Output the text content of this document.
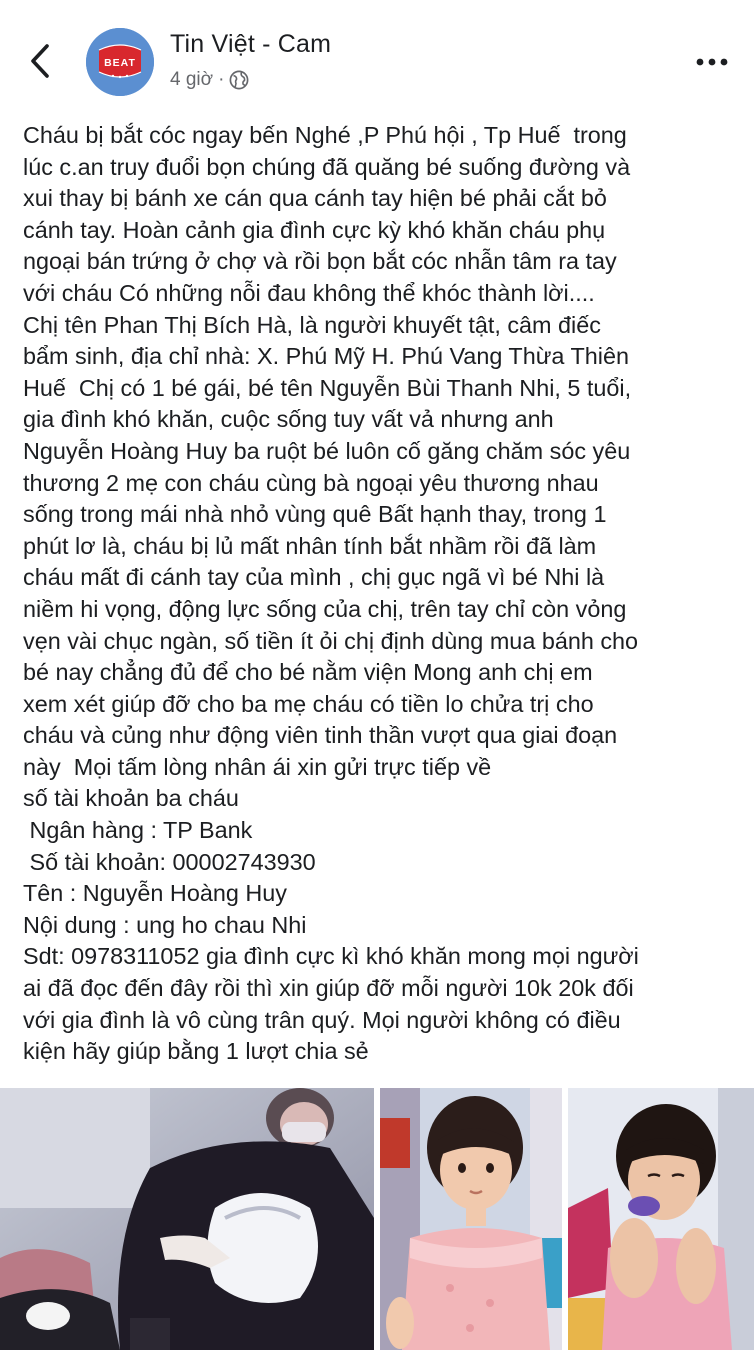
BEAT
Tin Việt - Cam
4 giờ ·
Cháu bị bắt cóc ngay bến Nghé ,P Phú hội , Tp Huế  trong
lúc c.an truy đuổi bọn chúng đã quăng bé suống đường và
xui thay bị bánh xe cán qua cánh tay hiện bé phải cắt bỏ
cánh tay. Hoàn cảnh gia đình cực kỳ khó khăn cháu phụ
ngoại bán trứng ở chợ và rồi bọn bắt cóc nhẫn tâm ra tay
với cháu Có những nỗi đau không thể khóc thành lời....
Chị tên Phan Thị Bích Hà, là người khuyết tật, câm điếc
bẩm sinh, địa chỉ nhà: X. Phú Mỹ H. Phú Vang Thừa Thiên
Huế  Chị có 1 bé gái, bé tên Nguyễn Bùi Thanh Nhi, 5 tuổi,
gia đình khó khăn, cuộc sống tuy vất vả nhưng anh
Nguyễn Hoàng Huy ba ruột bé luôn cố găng chăm sóc yêu
thương 2 mẹ con cháu cùng bà ngoại yêu thương nhau
sống trong mái nhà nhỏ vùng quê Bất hạnh thay, trong 1
phút lơ là, cháu bị lủ mất nhân tính bắt nhầm rồi đã làm
cháu mất đi cánh tay của mình , chị gục ngã vì bé Nhi là
niềm hi vọng, động lực sống của chị, trên tay chỉ còn vỏng
vẹn vài chục ngàn, số tiền ít ỏi chị định dùng mua bánh cho
bé nay chẳng đủ để cho bé nằm viện Mong anh chị em
xem xét giúp đỡ cho ba mẹ cháu có tiền lo chửa trị cho
cháu và củng như động viên tinh thần vượt qua giai đoạn
này  Mọi tấm lòng nhân ái xin gửi trực tiếp về
số tài khoản ba cháu
Ngân hàng : TP Bank
Số tài khoản: 00002743930
Tên : Nguyễn Hoàng Huy
Nội dung : ung ho chau Nhi
Sdt: 0978311052 gia đình cực kì khó khăn mong mọi người
ai đã đọc đến đây rồi thì xin giúp đỡ mỗi người 10k 20k đối
với gia đình là vô cùng trân quý. Mọi người không có điều
kiện hãy giúp bằng 1 lượt chia sẻ
